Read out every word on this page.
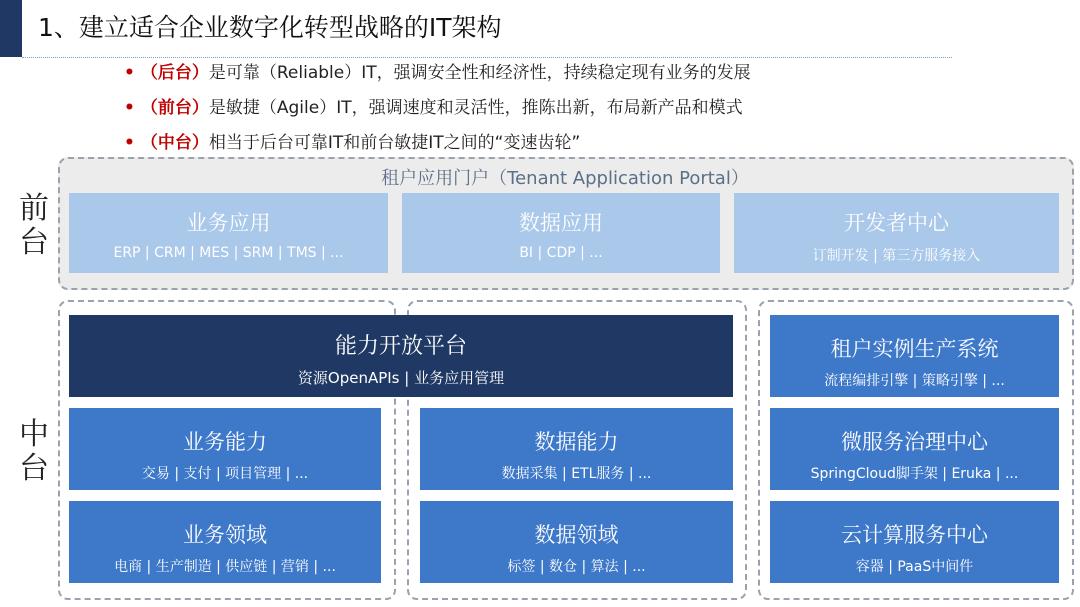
1、建立适合企业数字化转型战略的IT架构
• （后台）是可靠（Reliable）IT，强调安全性和经济性，持续稳定现有业务的发展
• （前台）是敏捷（Agile）IT，强调速度和灵活性，推陈出新，布局新产品和模式
• （中台）相当于后台可靠IT和前台敏捷IT之间的“变速齿轮”
前台
中台
租户应用门户（Tenant Application Portal）
业务应用
ERP | CRM | MES | SRM | TMS | ...
数据应用
BI | CDP | ...
开发者中心
订制开发 | 第三方服务接入
能力开放平台
资源OpenAPIs | 业务应用管理
业务能力
交易 | 支付 | 项目管理 | ...
业务领域
电商 | 生产制造 | 供应链 | 营销 | ...
数据能力
数据采集 | ETL服务 | ...
数据领域
标签 | 数仓 | 算法 | ...
租户实例生产系统
流程编排引擎 | 策略引擎 | ...
微服务治理中心
SpringCloud脚手架 | Eruka | ...
云计算服务中心
容器 | PaaS中间件
